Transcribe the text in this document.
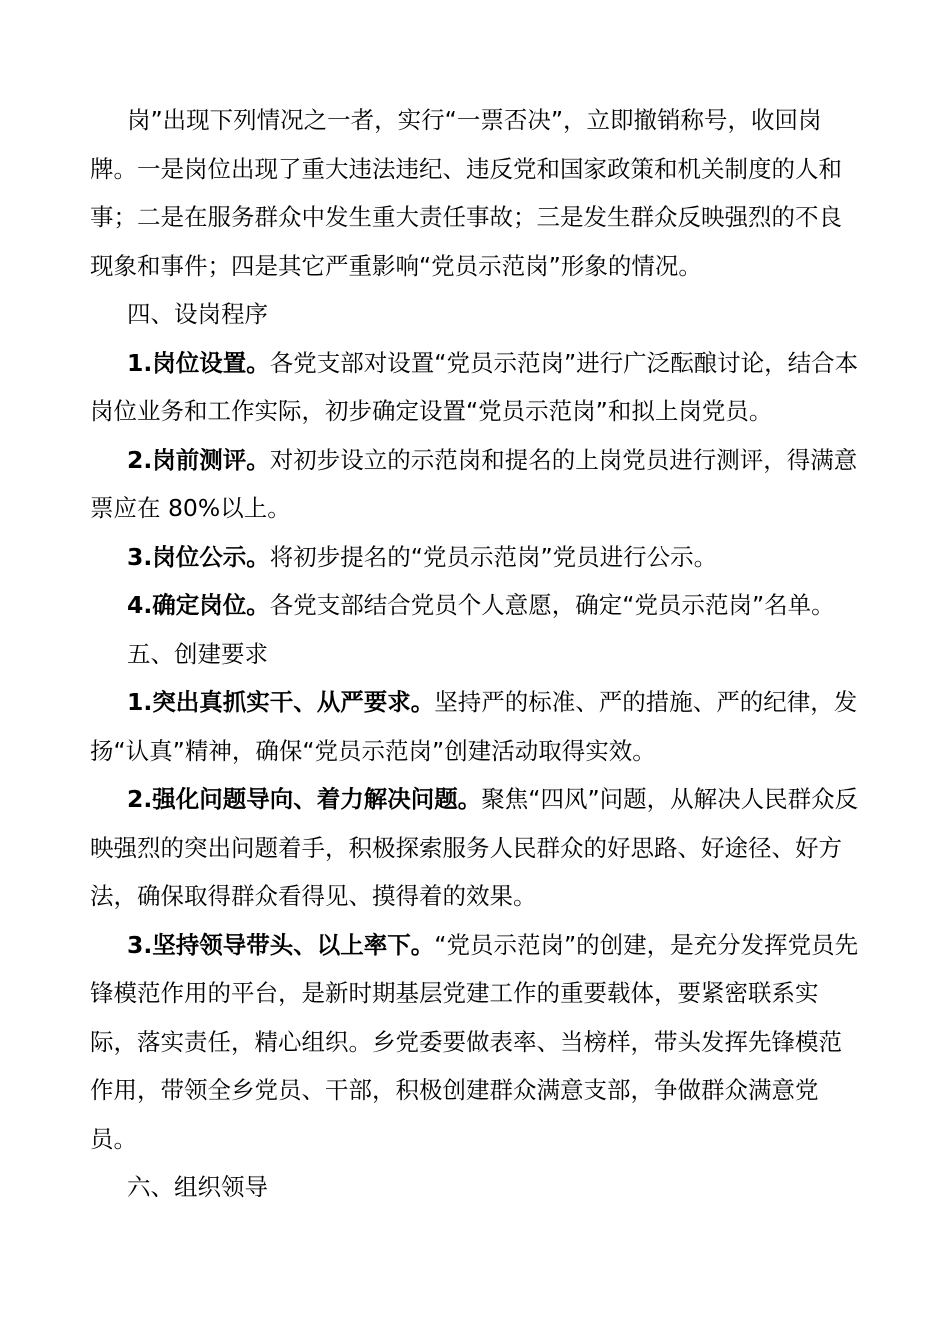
岗”出现下列情况之一者，实行“一票否决”，立即撤销称号，收回岗牌。一是岗位出现了重大违法违纪、违反党和国家政策和机关制度的人和事；二是在服务群众中发生重大责任事故；三是发生群众反映强烈的不良现象和事件；四是其它严重影响“党员示范岗”形象的情况。

四、设岗程序

1.岗位设置。各党支部对设置“党员示范岗”进行广泛酝酿讨论，结合本岗位业务和工作实际，初步确定设置“党员示范岗”和拟上岗党员。

2.岗前测评。对初步设立的示范岗和提名的上岗党员进行测评，得满意票应在 80%以上。

3.岗位公示。将初步提名的“党员示范岗”党员进行公示。

4.确定岗位。各党支部结合党员个人意愿，确定“党员示范岗”名单。

五、创建要求

1.突出真抓实干、从严要求。坚持严的标准、严的措施、严的纪律，发扬“认真”精神，确保“党员示范岗”创建活动取得实效。

2.强化问题导向、着力解决问题。聚焦“四风”问题，从解决人民群众反映强烈的突出问题着手，积极探索服务人民群众的好思路、好途径、好方法，确保取得群众看得见、摸得着的效果。

3.坚持领导带头、以上率下。“党员示范岗”的创建，是充分发挥党员先锋模范作用的平台，是新时期基层党建工作的重要载体，要紧密联系实际，落实责任，精心组织。乡党委要做表率、当榜样，带头发挥先锋模范作用，带领全乡党员、干部，积极创建群众满意支部，争做群众满意党员。

六、组织领导
